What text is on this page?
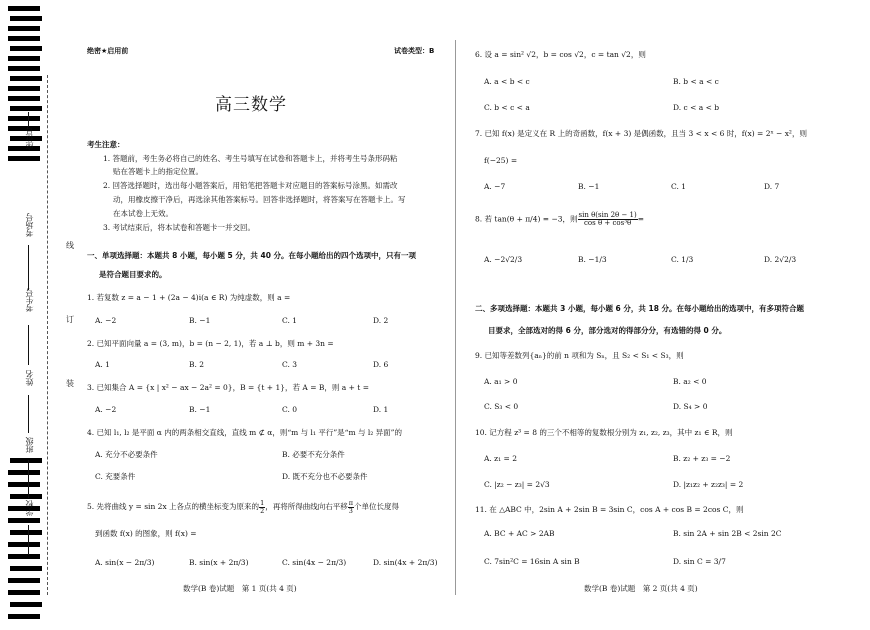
座位号
考场号
考生号
姓名
班级
学校
线
订
装
绝密★启用前	试卷类型：B
高三数学
考生注意：
1. 答题前，考生务必将自己的姓名、考生号填写在试卷和答题卡上，并将考生号条形码粘
贴在答题卡上的指定位置。
2. 回答选择题时，选出每小题答案后，用铅笔把答题卡对应题目的答案标号涂黑。如需改
动，用橡皮擦干净后，再选涂其他答案标号。回答非选择题时，将答案写在答题卡上。写
在本试卷上无效。
3. 考试结束后，将本试卷和答题卡一并交回。
一、单项选择题：本题共 8 小题，每小题 5 分，共 40 分。在每小题给出的四个选项中，只有一项
是符合题目要求的。
1. 若复数 z = a − 1 + (2a − 4)i(a ∈ R) 为纯虚数，则 a =
A. −2	B. −1	C. 1	D. 2
2. 已知平面向量 a = (3, m)，b = (n − 2, 1)，若 a ⊥ b，则 m + 3n =
A. 1	B. 2	C. 3	D. 6
3. 已知集合 A = {x | x² − ax − 2a² = 0}，B = {t + 1}，若 A = B，则 a + t =
A. −2	B. −1	C. 0	D. 1
4. 已知 l₁, l₂ 是平面 α 内的两条相交直线，直线 m ⊄ α，则“m 与 l₁ 平行”是“m 与 l₂ 异面”的
A. 充分不必要条件	B. 必要不充分条件
C. 充要条件	D. 既不充分也不必要条件
5. 先将曲线 y = sin 2x 上各点的横坐标变为原来的 $\frac{1}{2}$ ，再将所得曲线向右平移 $\frac{\pi}{3}$ 个单位长度得
到函数 f(x) 的图象，则 f(x) =
A. sin(x − 2π/3)	B. sin(x + 2π/3)	C. sin(4x − 2π/3)	D. sin(4x + 2π/3)
数学(B 卷)试题　第 1 页(共 4 页)
6. 设 a = sin² √2，b = cos √2，c = tan √2，则
A. a < b < c	B. b < a < c
C. b < c < a	D. c < a < b
7. 已知 f(x) 是定义在 R 上的奇函数，f(x + 3) 是偶函数，且当 3 < x < 6 时，f(x) = 2ˣ − x²，则
f(−25) =
A. −7	B. −1	C. 1	D. 7
8. 若 tan(θ + π/4) = −3，则 $\frac{\text{sin θ(sin 2θ − 1)}}{\text{cos θ + cos³θ}}$ =
A. −2√2/3	B. −1/3	C. 1/3	D. 2√2/3
二、多项选择题：本题共 3 小题，每小题 6 分，共 18 分。在每小题给出的选项中，有多项符合题
目要求，全部选对的得 6 分，部分选对的得部分分，有选错的得 0 分。
9. 已知等差数列{aₙ}的前 n 项和为 Sₙ，且 S₂ < S₁ < S₃，则
A. a₁ > 0	B. a₂ < 0
C. S₃ < 0	D. S₄ > 0
10. 记方程 z³ = 8 的三个不相等的复数根分别为 z₁, z₂, z₃，其中 z₁ ∈ R，则
A. z₁ = 2	B. z₂ + z₃ = −2
C. |z₂ − z₃| = 2√3	D. |z₁z₂ + z₂z₃| = 2
11. 在 △ABC 中，2sin A + 2sin B = 3sin C，cos A + cos B = 2cos C，则
A. BC + AC > 2AB	B. sin 2A + sin 2B < 2sin 2C
C. 7sin²C = 16sin A sin B	D. sin C = 3/7
数学(B 卷)试题　第 2 页(共 4 页)
